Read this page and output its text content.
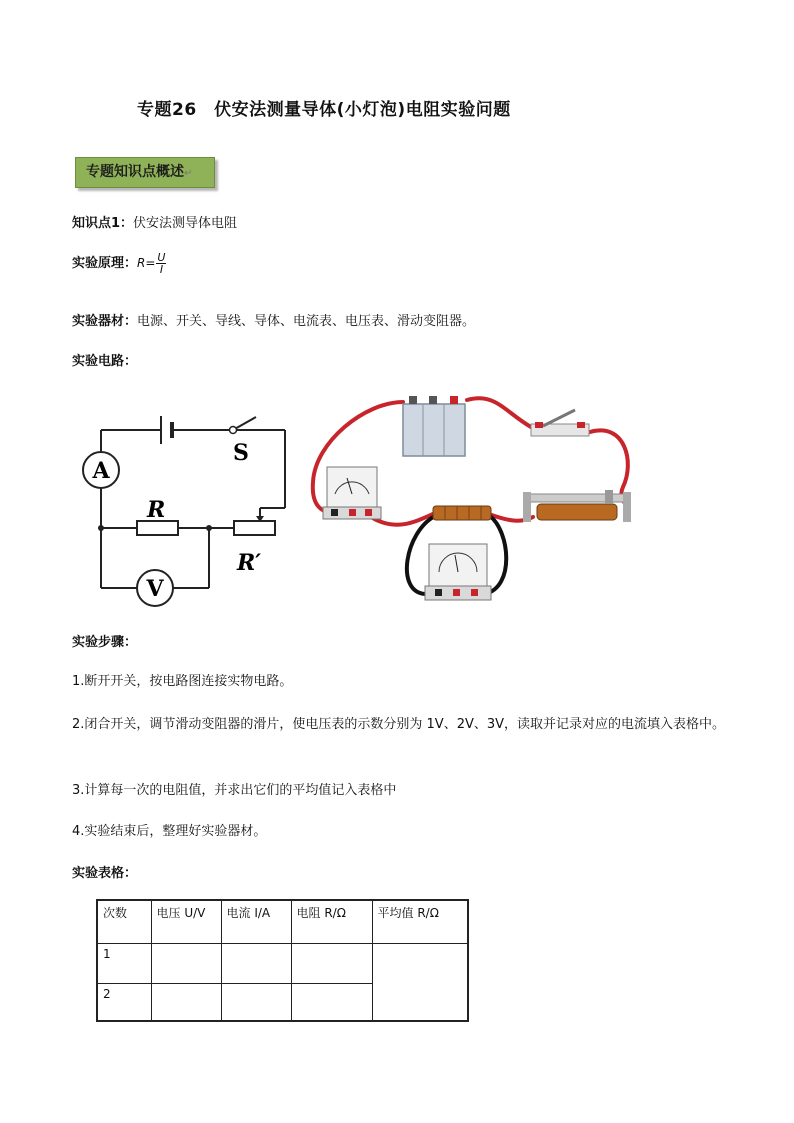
专题26　伏安法测量导体(小灯泡)电阻实验问题
专题知识点概述↵
知识点1：伏安法测导体电阻
实验原理：$R= \frac{U}{I}$
实验器材：电源、开关、导线、导体、电流表、电压表、滑动变阻器。
实验电路：
A
V
S
R
R′
实验步骤：
1.断开开关，按电路图连接实物电路。
2.闭合开关，调节滑动变阻器的滑片，使电压表的示数分别为 1V、2V、3V，读取并记录对应的电流填入表格中。
3.计算每一次的电阻值，并求出它们的平均值记入表格中
4.实验结束后，整理好实验器材。
实验表格：
次数	电压 U/V	电流 I/A	电阻 R/Ω	平均值 R/Ω
1				
2				
